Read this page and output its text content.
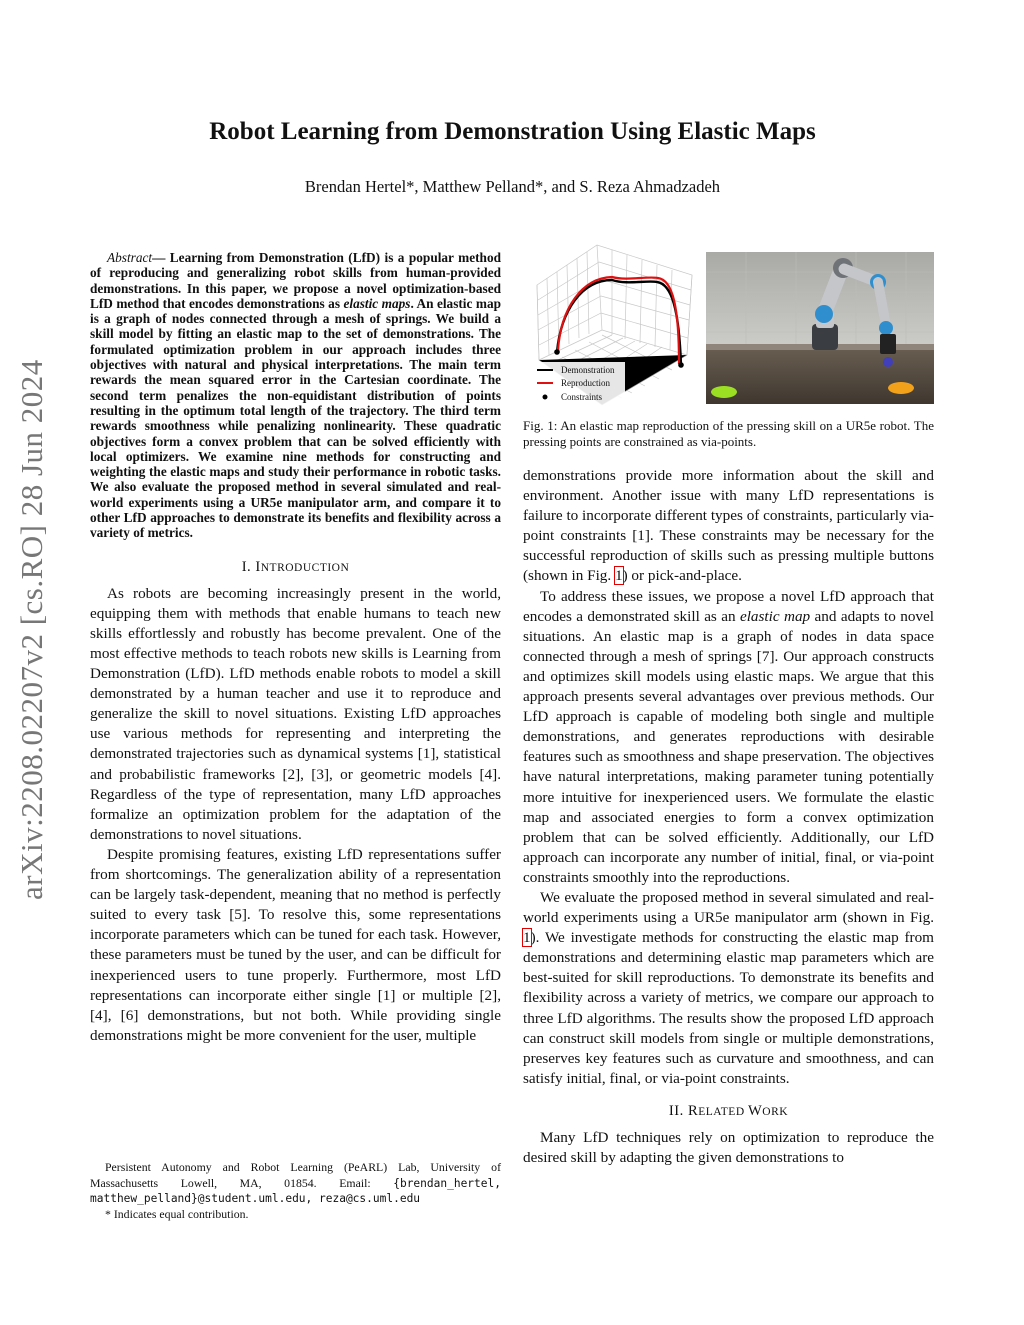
arXiv:2208.02207v2 [cs.RO] 28 Jun 2024
Robot Learning from Demonstration Using Elastic Maps
Brendan Hertel*, Matthew Pelland*, and S. Reza Ahmadzadeh

Abstract— Learning from Demonstration (LfD) is a popular method of reproducing and generalizing robot skills from human-provided demonstrations. In this paper, we propose a novel optimization-based LfD method that encodes demonstrations as elastic maps. An elastic map is a graph of nodes connected through a mesh of springs. We build a skill model by fitting an elastic map to the set of demonstrations. The formulated optimization problem in our approach includes three objectives with natural and physical interpretations. The main term rewards the mean squared error in the Cartesian coordinate. The second term penalizes the non-equidistant distribution of points resulting in the optimum total length of the trajectory. The third term rewards smoothness while penalizing nonlinearity. These quadratic objectives form a convex problem that can be solved efficiently with local optimizers. We examine nine methods for constructing and weighting the elastic maps and study their performance in robotic tasks. We also evaluate the proposed method in several simulated and real-world experiments using a UR5e manipulator arm, and compare it to other LfD approaches to demonstrate its benefits and flexibility across a variety of metrics.

I. INTRODUCTION

As robots are becoming increasingly present in the world, equipping them with methods that enable humans to teach new skills effortlessly and robustly has become prevalent. One of the most effective methods to teach robots new skills is Learning from Demonstration (LfD). LfD methods enable robots to model a skill demonstrated by a human teacher and use it to reproduce and generalize the skill to novel situations. Existing LfD approaches use various methods for representing and interpreting the demonstrated trajectories such as dynamical systems [1], statistical and probabilistic frameworks [2], [3], or geometric models [4]. Regardless of the type of representation, many LfD approaches formalize an optimization problem for the adaptation of the demonstrations to novel situations.

Despite promising features, existing LfD representations suffer from shortcomings. The generalization ability of a representation can be largely task-dependent, meaning that no method is perfectly suited to every task [5]. To resolve this, some representations incorporate parameters which can be tuned for each task. However, these parameters must be tuned by the user, and can be difficult for inexperienced users to tune properly. Furthermore, most LfD representations can incorporate either single [1] or multiple [2], [4], [6] demonstrations, but not both. While providing single demonstrations might be more convenient for the user, multiple

Persistent Autonomy and Robot Learning (PeARL) Lab, University of Massachusetts Lowell, MA, 01854. Email: {brendan_hertel, matthew_pelland}@student.uml.edu, reza@cs.uml.edu

* Indicates equal contribution.

Demonstration
Reproduction
Constraints
Fig. 1: An elastic map reproduction of the pressing skill on a UR5e robot. The pressing points are constrained as via-points.

demonstrations provide more information about the skill and environment. Another issue with many LfD representations is failure to incorporate different types of constraints, particularly via-point constraints [1]. These constraints may be necessary for the successful reproduction of skills such as pressing multiple buttons (shown in Fig. 1) or pick-and-place.

To address these issues, we propose a novel LfD approach that encodes a demonstrated skill as an elastic map and adapts to novel situations. An elastic map is a graph of nodes in data space connected through a mesh of springs [7]. Our approach constructs and optimizes skill models using elastic maps. We argue that this approach presents several advantages over previous methods. Our LfD approach is capable of modeling both single and multiple demonstrations, and generates reproductions with desirable features such as smoothness and shape preservation. The objectives have natural interpretations, making parameter tuning potentially more intuitive for inexperienced users. We formulate the elastic map and associated energies to form a convex optimization problem that can be solved efficiently. Additionally, our LfD approach can incorporate any number of initial, final, or via-point constraints smoothly into the reproductions.

We evaluate the proposed method in several simulated and real-world experiments using a UR5e manipulator arm (shown in Fig. 1). We investigate methods for constructing the elastic map from demonstrations and determining elastic map parameters which are best-suited for skill reproductions. To demonstrate its benefits and flexibility across a variety of metrics, we compare our approach to three LfD algorithms. The results show the proposed LfD approach can construct skill models from single or multiple demonstrations, preserves key features such as curvature and smoothness, and can satisfy initial, final, or via-point constraints.

II. RELATED WORK

Many LfD techniques rely on optimization to reproduce the desired skill by adapting the given demonstrations to
